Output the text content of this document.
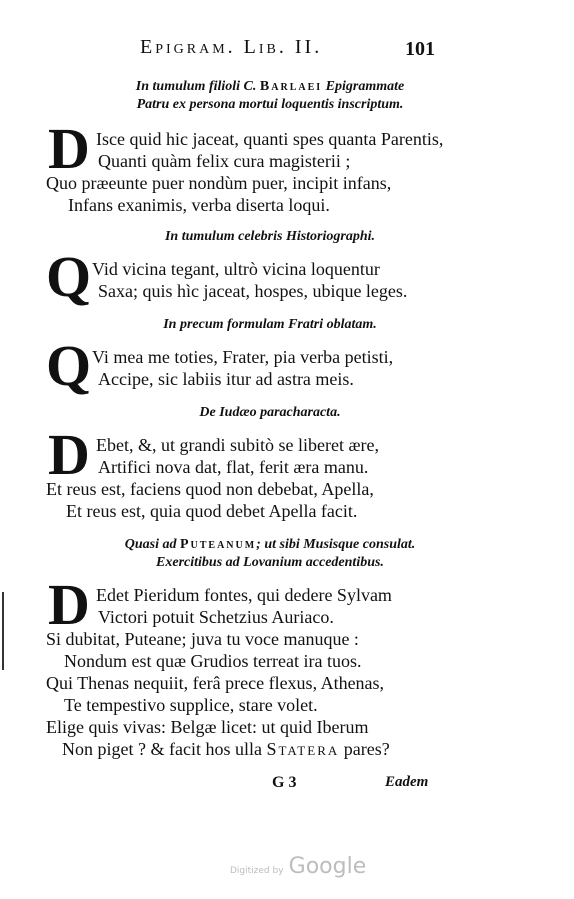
Epigram. Lib. II.	101
In tumulum filioli C. Barlaei Epigrammate
Patru ex persona mortui loquentis inscriptum.
D Isce quid hic jaceat, quanti spes quanta Parentis,
Quanti quàm felix cura magisterii ;
Quo præeunte puer nondùm puer, incipit infans,
Infans exanimis, verba diserta loqui.
In tumulum celebris Historiographi.
Q Vid vicina tegant, ultrò vicina loquentur
Saxa; quis hìc jaceat, hospes, ubique leges.
In precum formulam Fratri oblatam.
Q Vi mea me toties, Frater, pia verba petisti,
Accipe, sic labiis itur ad astra meis.
De Iudæo paracharacta.
D Ebet, &, ut grandi subitò se liberet ære,
Artifici nova dat, flat, ferit æra manu.
Et reus est, faciens quod non debebat, Apella,
Et reus est, quia quod debet Apella facit.
Quasi ad Puteanum; ut sibi Musisque consulat.
Exercitibus ad Lovanium accedentibus.
D Edet Pieridum fontes, qui dedere Sylvam
Victori potuit Schetzius Auriaco.
Si dubitat, Puteane; juva tu voce manuque :
Nondum est quæ Grudios terreat ira tuos.
Qui Thenas nequiit, ferâ prece flexus, Athenas,
Te tempestivo supplice, stare volet.
Elige quis vivas: Belgæ licet: ut quid Iberum
Non piget ? & facit hos ulla Statera pares?
G 3	Eadem
Digitized by Google
